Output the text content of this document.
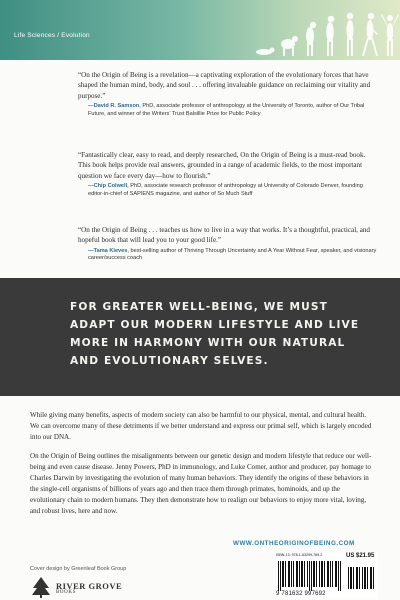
Life Sciences / Evolution
“On the Origin of Being is a revelation—a captivating exploration of the evolutionary forces that have shaped the human mind, body, and soul . . . offering invaluable guidance on reclaiming our vitality and purpose.”
—David R. Samson, PhD, associate professor of anthropology at the University of Toronto, author of Our Tribal Future, and winner of the Writers’ Trust Balsillie Prize for Public Policy
“Fantastically clear, easy to read, and deeply researched, On the Origin of Being is a must-read book. This book helps provide real answers, grounded in a range of academic fields, to the most important question we face every day—how to flourish.”
—Chip Colwell, PhD, associate research professor of anthropology at University of Colorado Denver, founding editor-in-chief of SAPIENS magazine, and author of So Much Stuff
“On the Origin of Being . . . teaches us how to live in a way that works. It’s a thoughtful, practical, and hopeful book that will lead you to your good life.”
—Tama Kieves, best-selling author of Thriving Through Uncertainty and A Year Without Fear, speaker, and visionary career/success coach
FOR GREATER WELL-BEING, WE MUST ADAPT OUR MODERN LIFESTYLE AND LIVE MORE IN HARMONY WITH OUR NATURAL AND EVOLUTIONARY SELVES.

While giving many benefits, aspects of modern society can also be harmful to our physical, mental, and cultural health. We can overcome many of these detriments if we better understand and express our primal self, which is largely encoded into our DNA.

On the Origin of Being outlines the misalignments between our genetic design and modern lifestyle that reduce our well-being and even cause disease. Jenny Powers, PhD in immunology, and Luke Comer, author and producer, pay homage to Charles Darwin by investigating the evolution of many human behaviors. They identify the origins of these behaviors in the single-cell organisms of billions of years ago and then trace them through primates, hominoids, and up the evolutionary chain to modern humans. They then demonstrate how to realign our behaviors to enjoy more vital, loving, and robust lives, here and now.

WWW.ONTHEORIGINOFBEING.COM
Cover design by Greenleaf Book Group
RIVER GROVE
BOOKS
ISBN-13: 978-1-63299-769-2	US $21.95
9 781632 997692
